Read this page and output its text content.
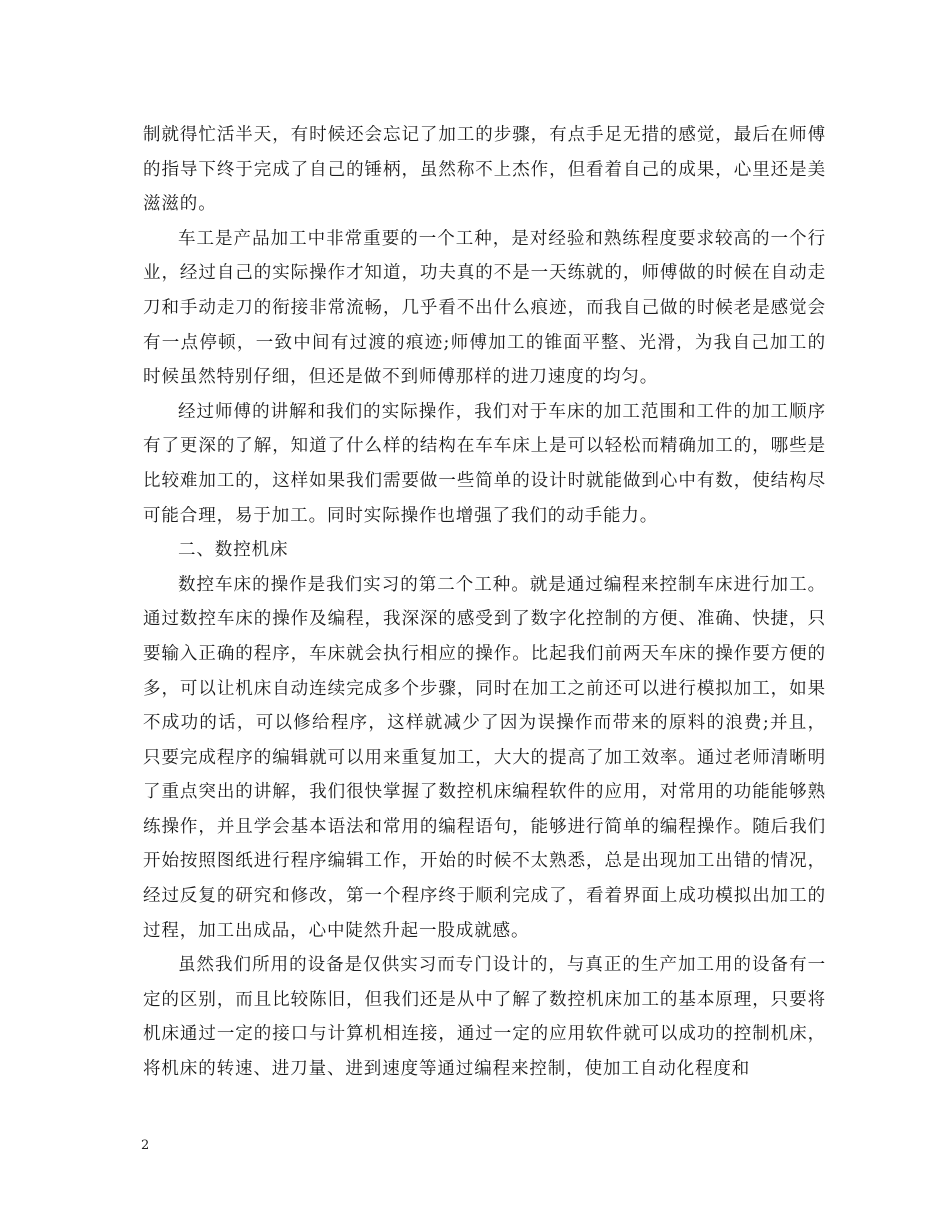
制就得忙活半天，有时候还会忘记了加工的步骤，有点手足无措的感觉，最后在师傅的指导下终于完成了自己的锤柄，虽然称不上杰作，但看着自己的成果，心里还是美滋滋的。

车工是产品加工中非常重要的一个工种，是对经验和熟练程度要求较高的一个行业，经过自己的实际操作才知道，功夫真的不是一天练就的，师傅做的时候在自动走刀和手动走刀的衔接非常流畅，几乎看不出什么痕迹，而我自己做的时候老是感觉会有一点停顿，一致中间有过渡的痕迹;师傅加工的锥面平整、光滑，为我自己加工的时候虽然特别仔细，但还是做不到师傅那样的进刀速度的均匀。

经过师傅的讲解和我们的实际操作，我们对于车床的加工范围和工件的加工顺序有了更深的了解，知道了什么样的结构在车车床上是可以轻松而精确加工的，哪些是比较难加工的，这样如果我们需要做一些简单的设计时就能做到心中有数，使结构尽可能合理，易于加工。同时实际操作也增强了我们的动手能力。

二、数控机床

数控车床的操作是我们实习的第二个工种。就是通过编程来控制车床进行加工。通过数控车床的操作及编程，我深深的感受到了数字化控制的方便、准确、快捷，只要输入正确的程序，车床就会执行相应的操作。比起我们前两天车床的操作要方便的多，可以让机床自动连续完成多个步骤，同时在加工之前还可以进行模拟加工，如果不成功的话，可以修给程序，这样就减少了因为误操作而带来的原料的浪费;并且，只要完成程序的编辑就可以用来重复加工，大大的提高了加工效率。通过老师清晰明了重点突出的讲解，我们很快掌握了数控机床编程软件的应用，对常用的功能能够熟练操作，并且学会基本语法和常用的编程语句，能够进行简单的编程操作。随后我们开始按照图纸进行程序编辑工作，开始的时候不太熟悉，总是出现加工出错的情况，经过反复的研究和修改，第一个程序终于顺利完成了，看着界面上成功模拟出加工的过程，加工出成品，心中陡然升起一股成就感。

虽然我们所用的设备是仅供实习而专门设计的，与真正的生产加工用的设备有一定的区别，而且比较陈旧，但我们还是从中了解了数控机床加工的基本原理，只要将机床通过一定的接口与计算机相连接，通过一定的应用软件就可以成功的控制机床，将机床的转速、进刀量、进到速度等通过编程来控制，使加工自动化程度和

2
